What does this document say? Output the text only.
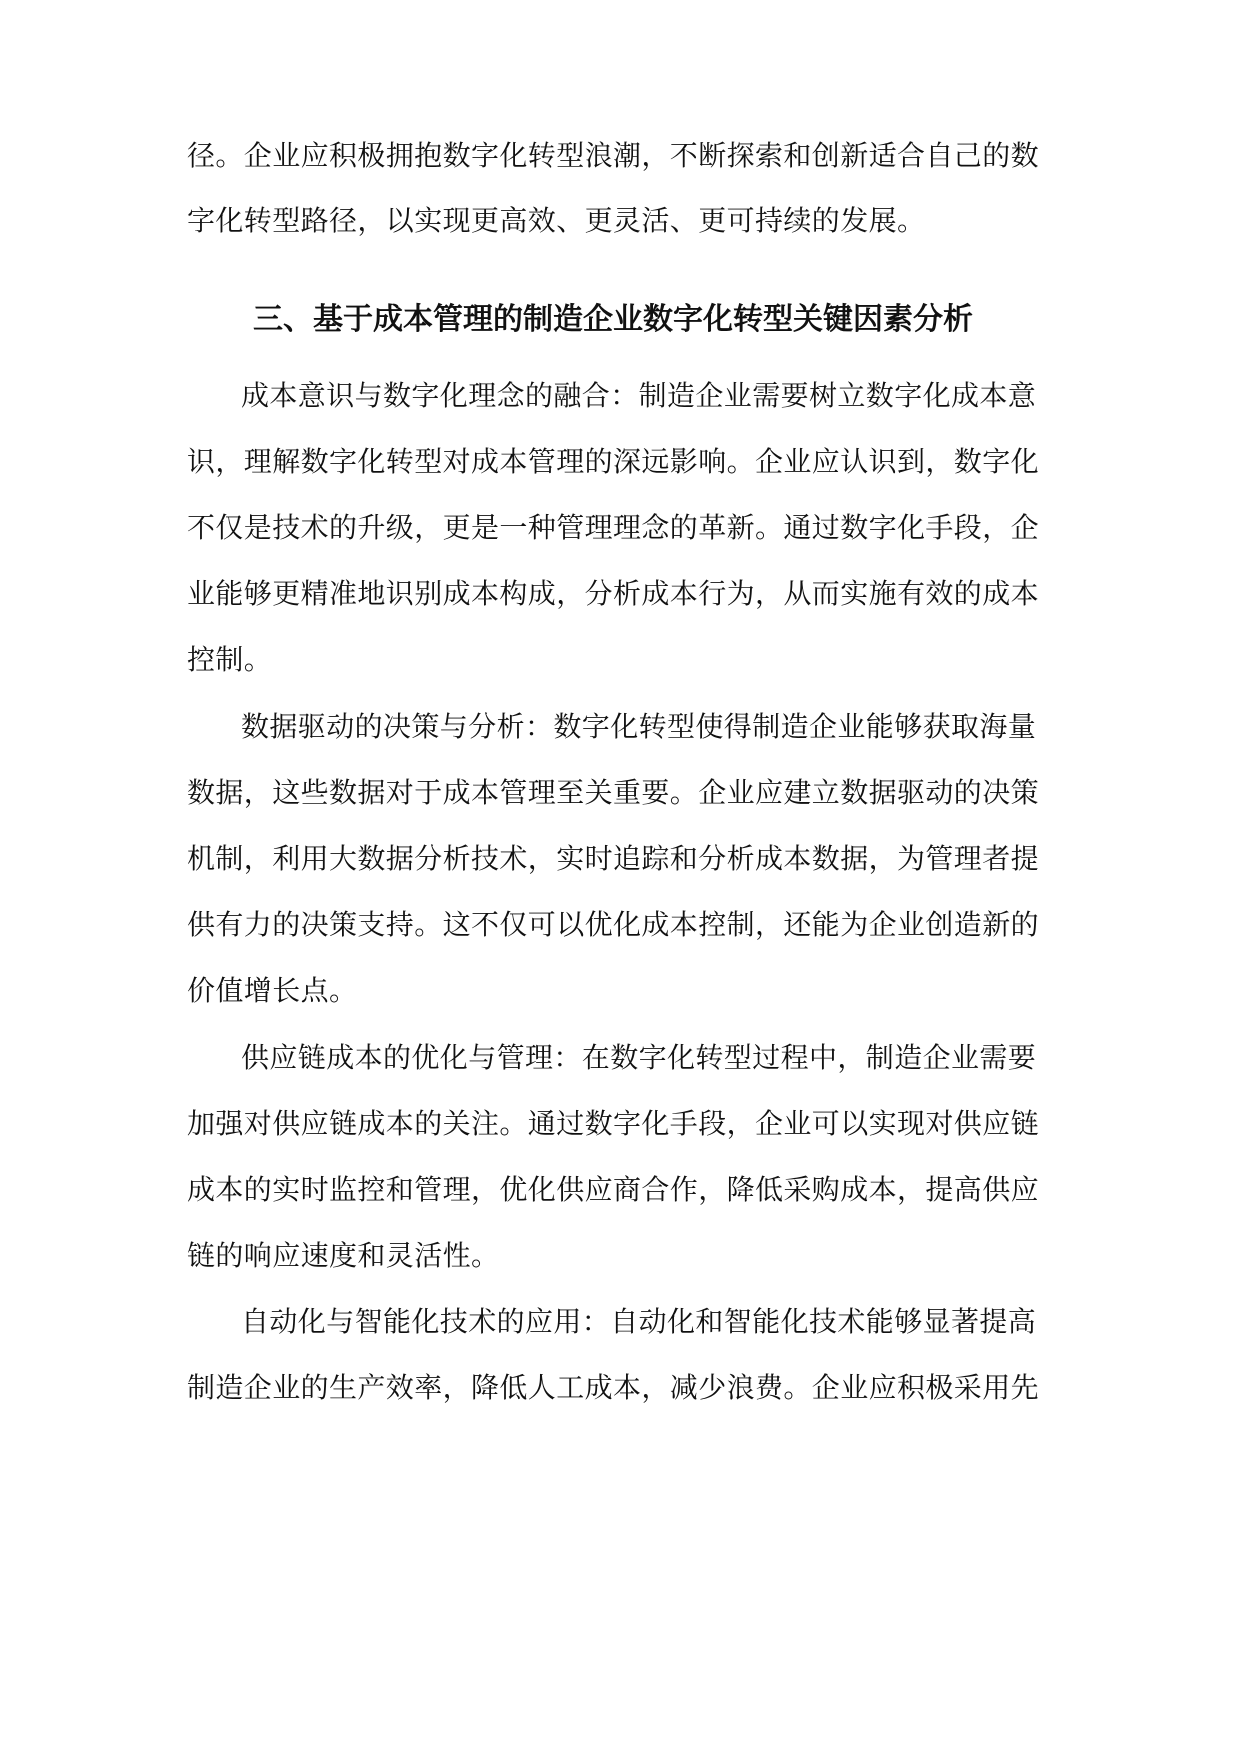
径。企业应积极拥抱数字化转型浪潮，不断探索和创新适合自己的数
字化转型路径，以实现更高效、更灵活、更可持续的发展。
三、基于成本管理的制造企业数字化转型关键因素分析
成本意识与数字化理念的融合：制造企业需要树立数字化成本意
识，理解数字化转型对成本管理的深远影响。企业应认识到，数字化
不仅是技术的升级，更是一种管理理念的革新。通过数字化手段，企
业能够更精准地识别成本构成，分析成本行为，从而实施有效的成本
控制。
数据驱动的决策与分析：数字化转型使得制造企业能够获取海量
数据，这些数据对于成本管理至关重要。企业应建立数据驱动的决策
机制，利用大数据分析技术，实时追踪和分析成本数据，为管理者提
供有力的决策支持。这不仅可以优化成本控制，还能为企业创造新的
价值增长点。
供应链成本的优化与管理：在数字化转型过程中，制造企业需要
加强对供应链成本的关注。通过数字化手段，企业可以实现对供应链
成本的实时监控和管理，优化供应商合作，降低采购成本，提高供应
链的响应速度和灵活性。
自动化与智能化技术的应用：自动化和智能化技术能够显著提高
制造企业的生产效率，降低人工成本，减少浪费。企业应积极采用先
